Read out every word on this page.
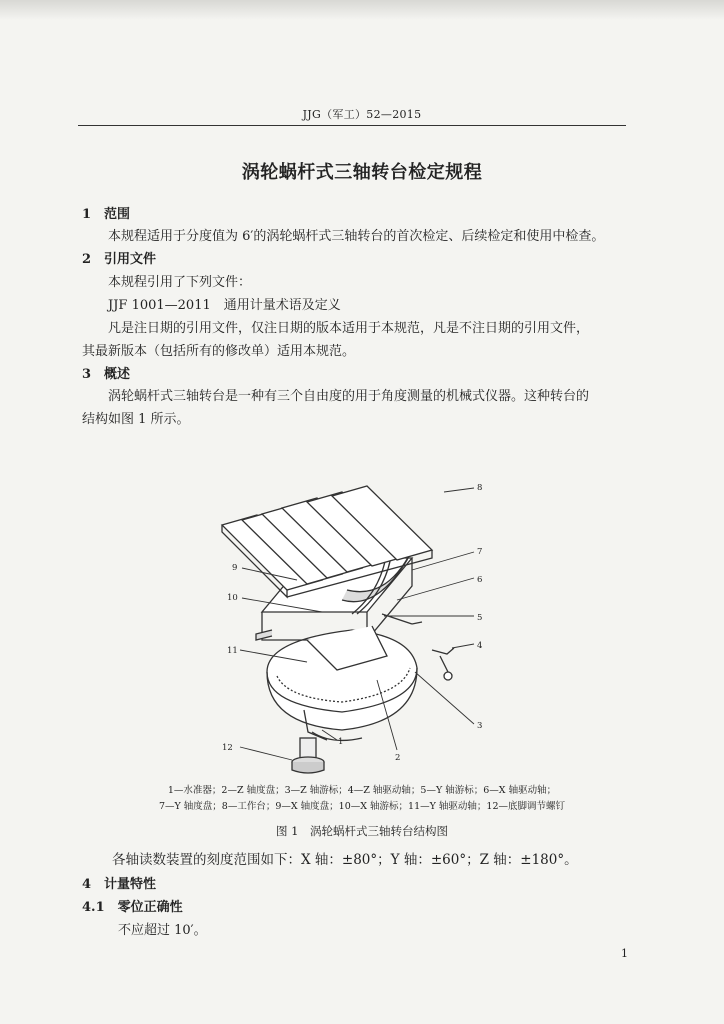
JJG（军工）52—2015
涡轮蜗杆式三轴转台检定规程
1　范围
本规程适用于分度值为 6′的涡轮蜗杆式三轴转台的首次检定、后续检定和使用中检查。
2　引用文件
本规程引用了下列文件：
JJF 1001—2011　通用计量术语及定义
凡是注日期的引用文件，仅注日期的版本适用于本规范，凡是不注日期的引用文件，
其最新版本（包括所有的修改单）适用本规范。
3　概述
涡轮蜗杆式三轴转台是一种有三个自由度的用于角度测量的机械式仪器。这种转台的
结构如图 1 所示。
1
2
3
4
5
6
7
8
9
10
11
12
1—水准器；2—Z 轴度盘；3—Z 轴游标；4—Z 轴驱动轴；5—Y 轴游标；6—X 轴驱动轴；
7—Y 轴度盘；8—工作台；9—X 轴度盘；10—X 轴游标；11—Y 轴驱动轴；12—底脚调节螺钉
图 1　涡轮蜗杆式三轴转台结构图
各轴读数装置的刻度范围如下：X 轴：±80°；Y 轴：±60°；Z 轴：±180°。
4　计量特性
4.1　零位正确性
不应超过 10′。
1
